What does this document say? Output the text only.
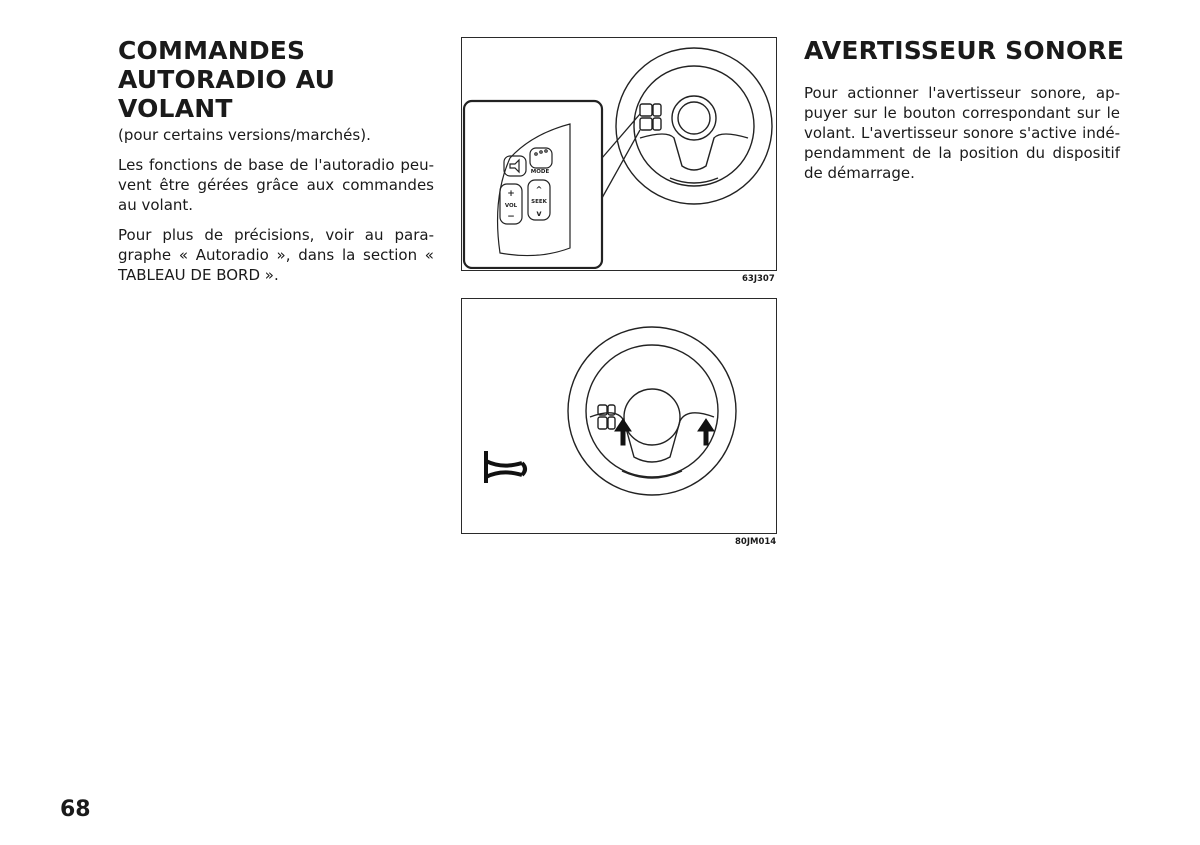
COMMANDES AUTORADIO AU VOLANT

(pour certains versions/marchés).

Les fonctions de base de l'autoradio peu-vent être gérées grâce aux commandes au volant.

Pour plus de précisions, voir au para-graphe « Autoradio », dans la section « TABLEAU DE BORD ».

MODE
+
VOL
−
^
SEEK
v
63J307
80JM014
AVERTISSEUR SONORE

Pour actionner l'avertisseur sonore, ap-puyer sur le bouton correspondant sur le volant. L'avertisseur sonore s'active indé-pendamment de la position du dispositif de démarrage.

68
